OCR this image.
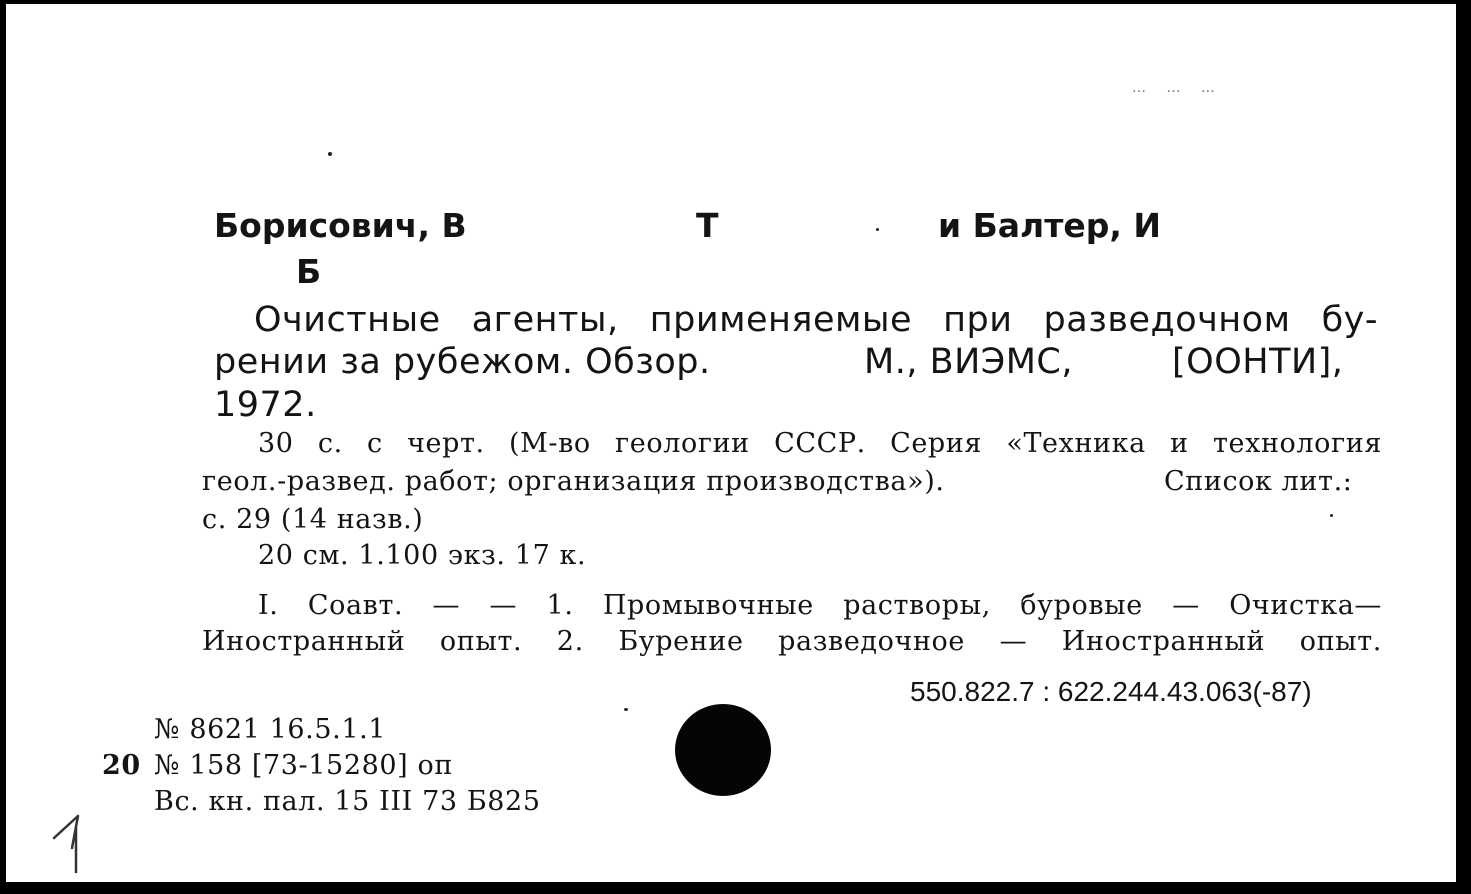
… … …
Борисович, В	Т	и Балтер, И
Б
Очистные агенты, применяемые при разведочном бу-
рении за рубежом. Обзор.	М., ВИЭМС,	[ООНТИ],
1972.
30 с. с черт. (М-во геологии СССР. Серия «Техника и технология
геол.-развед. работ; организация производства»).	Список лит.:
с. 29 (14 назв.)
20 см. 1.100 экз. 17 к.
I. Соавт. — — 1. Промывочные растворы, буровые — Очистка—
Иностранный опыт. 2. Бурение разведочное — Иностранный опыт.
550.822.7 : 622.244.43.063(-87)
№ 8621 16.5.1.1
20 № 158 [73-15280] оп
Вс. кн. пал. 15 III 73 Б825
